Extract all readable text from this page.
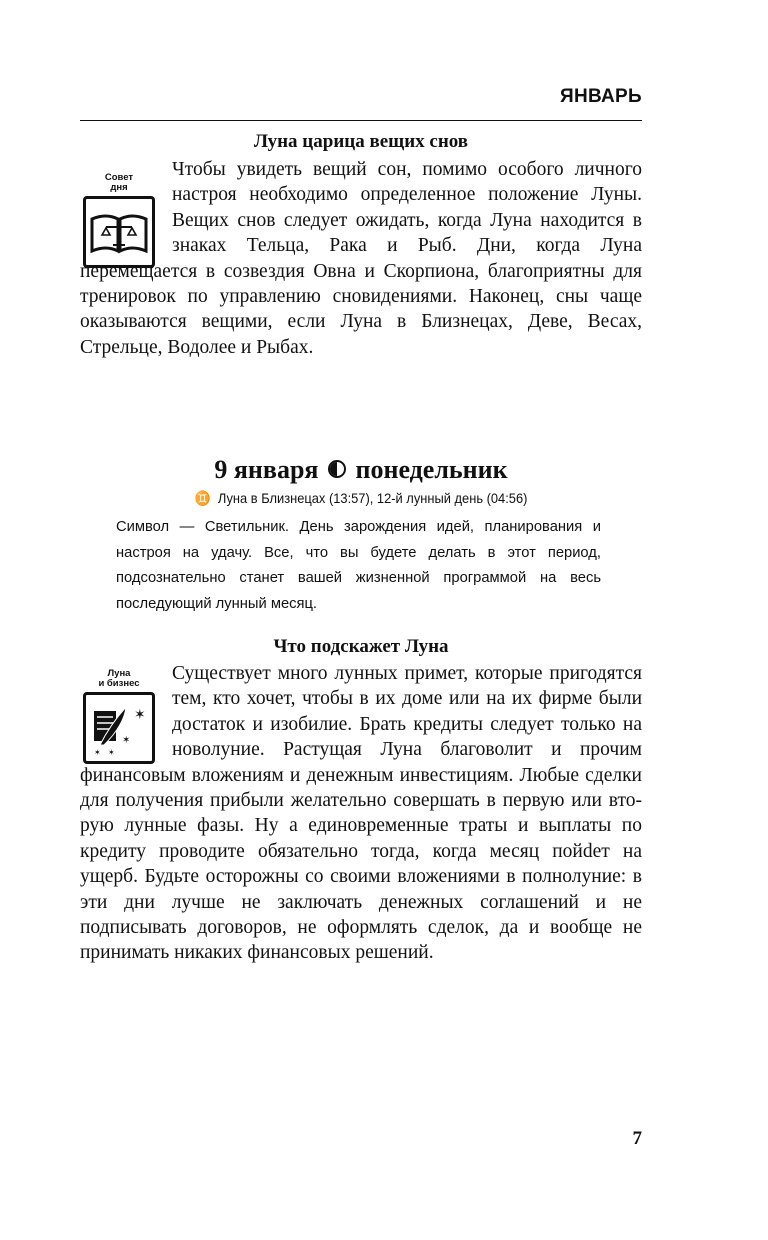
ЯНВАРЬ
Луна царица вещих снов
Совет
дня
Чтобы увидеть вещий сон, помимо особого личного настроя необходимо определенное положение Луны. Вещих снов следует ожидать, когда Луна находится в знаках Тельца, Рака и Рыб. Дни, когда Луна перемещается в созвездия Овна и Скорпиона, благоприятны для тренировок по управлению сновидениями. Наконец, сны чаще оказываются вещими, если Луна в Близнецах, Деве, Весах, Стрельце, Водолее и Рыбах.
9 января понедельник
♊ Луна в Близнецах (13:57), 12-й лунный день (04:56)
Символ — Светильник. День зарождения идей, планирования и настроя на удачу. Все, что вы будете делать в этот период, подсознательно станет вашей жизненной программой на весь последующий лунный месяц.
Что подскажет Луна
Луна
и бизнес
✶
✶
✶ ✶
Существует много лунных примет, которые пригодятся тем, кто хочет, чтобы в их доме или на их фирме были достаток и изобилие. Брать кредиты следует только на новолуние. Растущая Луна благоволит и прочим финансовым вложениям и денежным инвестициям. Любые сделки для получения прибыли желательно совершать в первую или вторую лунные фазы. Ну а единовременные траты и выплаты по кредиту проводите обязательно тогда, когда месяц пойdет на ущерб. Будьте осторожны со своими вложениями в полнолуние: в эти дни лучше не заключать денежных соглашений и не подписывать договоров, не оформлять сделок, да и вообще не принимать никаких финансовых решений.
7
